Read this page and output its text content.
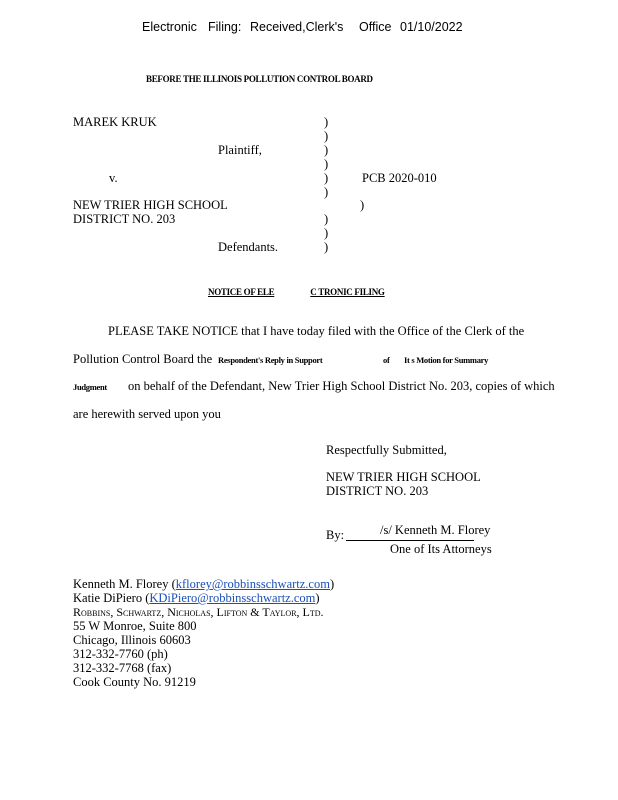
Electronic Filing: Received,Clerk's Office 01/10/2022
BEFORE THE ILLINOIS POLLUTION CONTROL BOARD
MAREK KRUK
Plaintiff,
v.	PCB 2020-010
NEW TRIER HIGH SCHOOL
DISTRICT NO. 203
Defendants.
)
)
)
)
)
)
)
)
)
)
NOTICE OF ELE	C TRONIC FILING
PLEASE TAKE NOTICE that I have today filed with the Office of the Clerk of the
Pollution Control Board the Respondent's Reply in Support	of It s Motion for Summary
Judgment on behalf of the Defendant, New Trier High School District No. 203, copies of which
are herewith served upon you
Respectfully Submitted,
NEW TRIER HIGH SCHOOL
DISTRICT NO. 203
By:	/s/ Kenneth M. Florey
One of Its Attorneys
Kenneth M. Florey (kflorey@robbinsschwartz.com)
Katie DiPiero (KDiPiero@robbinsschwartz.com)
Robbins, Schwartz, Nicholas, Lifton & Taylor, Ltd.
55 W Monroe, Suite 800
Chicago, Illinois 60603
312-332-7760 (ph)
312-332-7768 (fax)
Cook County No. 91219
